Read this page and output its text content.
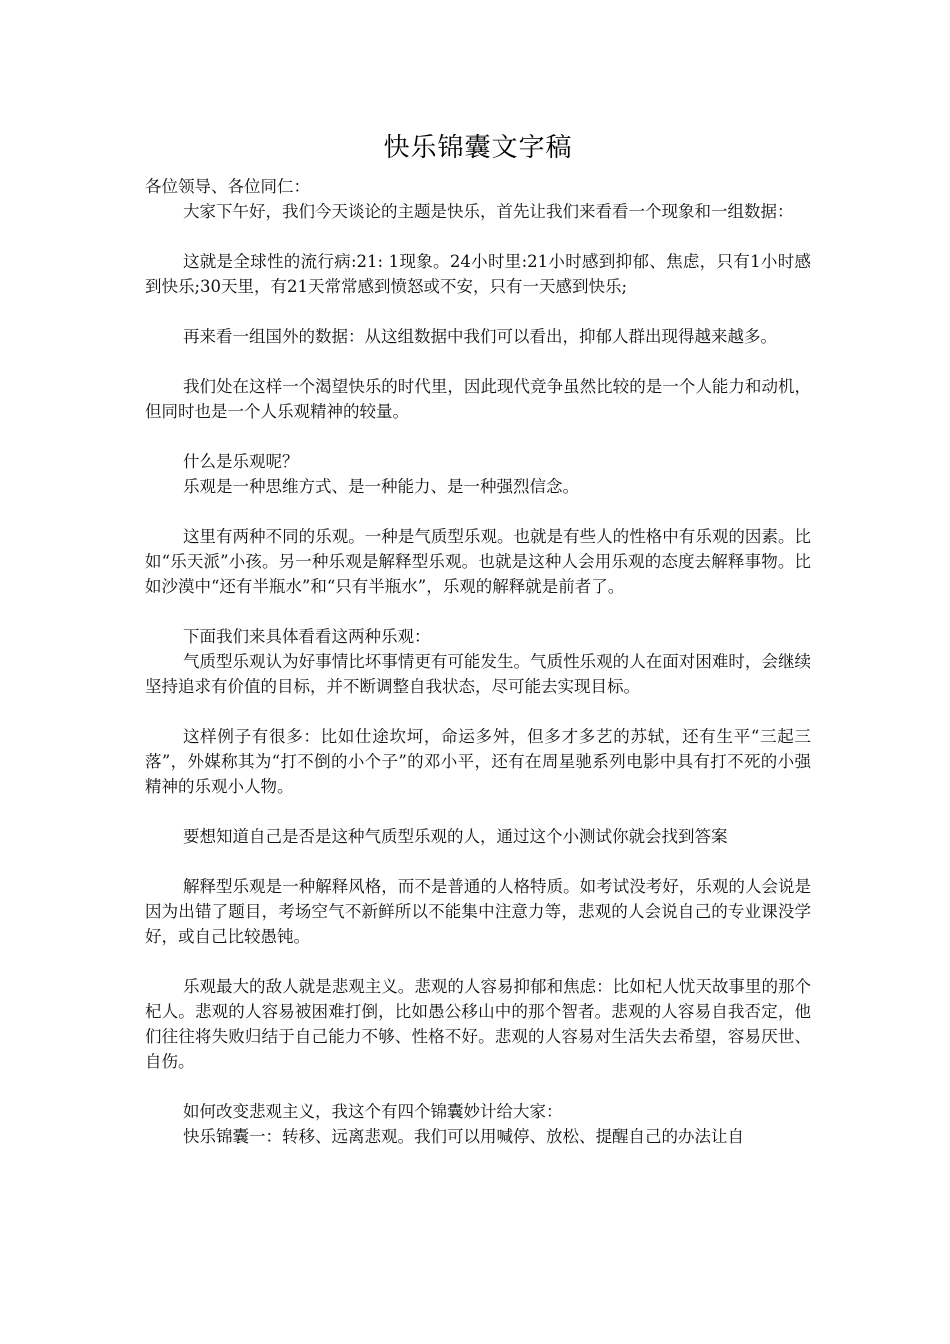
快乐锦囊文字稿

各位领导、各位同仁：

大家下午好，我们今天谈论的主题是快乐，首先让我们来看看一个现象和一组数据：

这就是全球性的流行病:21: 1现象。24小时里:21小时感到抑郁、焦虑，只有1小时感到快乐;30天里，有21天常常感到愤怒或不安，只有一天感到快乐;

再来看一组国外的数据：从这组数据中我们可以看出，抑郁人群出现得越来越多。

我们处在这样一个渴望快乐的时代里，因此现代竞争虽然比较的是一个人能力和动机，但同时也是一个人乐观精神的较量。

什么是乐观呢？

乐观是一种思维方式、是一种能力、是一种强烈信念。

这里有两种不同的乐观。一种是气质型乐观。也就是有些人的性格中有乐观的因素。比如“乐天派”小孩。另一种乐观是解释型乐观。也就是这种人会用乐观的态度去解释事物。比如沙漠中“还有半瓶水”和“只有半瓶水”，乐观的解释就是前者了。

下面我们来具体看看这两种乐观：

气质型乐观认为好事情比坏事情更有可能发生。气质性乐观的人在面对困难时，会继续坚持追求有价值的目标，并不断调整自我状态，尽可能去实现目标。

这样例子有很多：比如仕途坎坷，命运多舛，但多才多艺的苏轼，还有生平“三起三落”，外媒称其为“打不倒的小个子”的邓小平，还有在周星驰系列电影中具有打不死的小强精神的乐观小人物。

要想知道自己是否是这种气质型乐观的人，通过这个小测试你就会找到答案

解释型乐观是一种解释风格，而不是普通的人格特质。如考试没考好，乐观的人会说是因为出错了题目，考场空气不新鲜所以不能集中注意力等，悲观的人会说自己的专业课没学好，或自己比较愚钝。

乐观最大的敌人就是悲观主义。悲观的人容易抑郁和焦虑：比如杞人忧天故事里的那个杞人。悲观的人容易被困难打倒，比如愚公移山中的那个智者。悲观的人容易自我否定，他们往往将失败归结于自己能力不够、性格不好。悲观的人容易对生活失去希望，容易厌世、自伤。

如何改变悲观主义，我这个有四个锦囊妙计给大家：

快乐锦囊一：转移、远离悲观。我们可以用喊停、放松、提醒自己的办法让自
